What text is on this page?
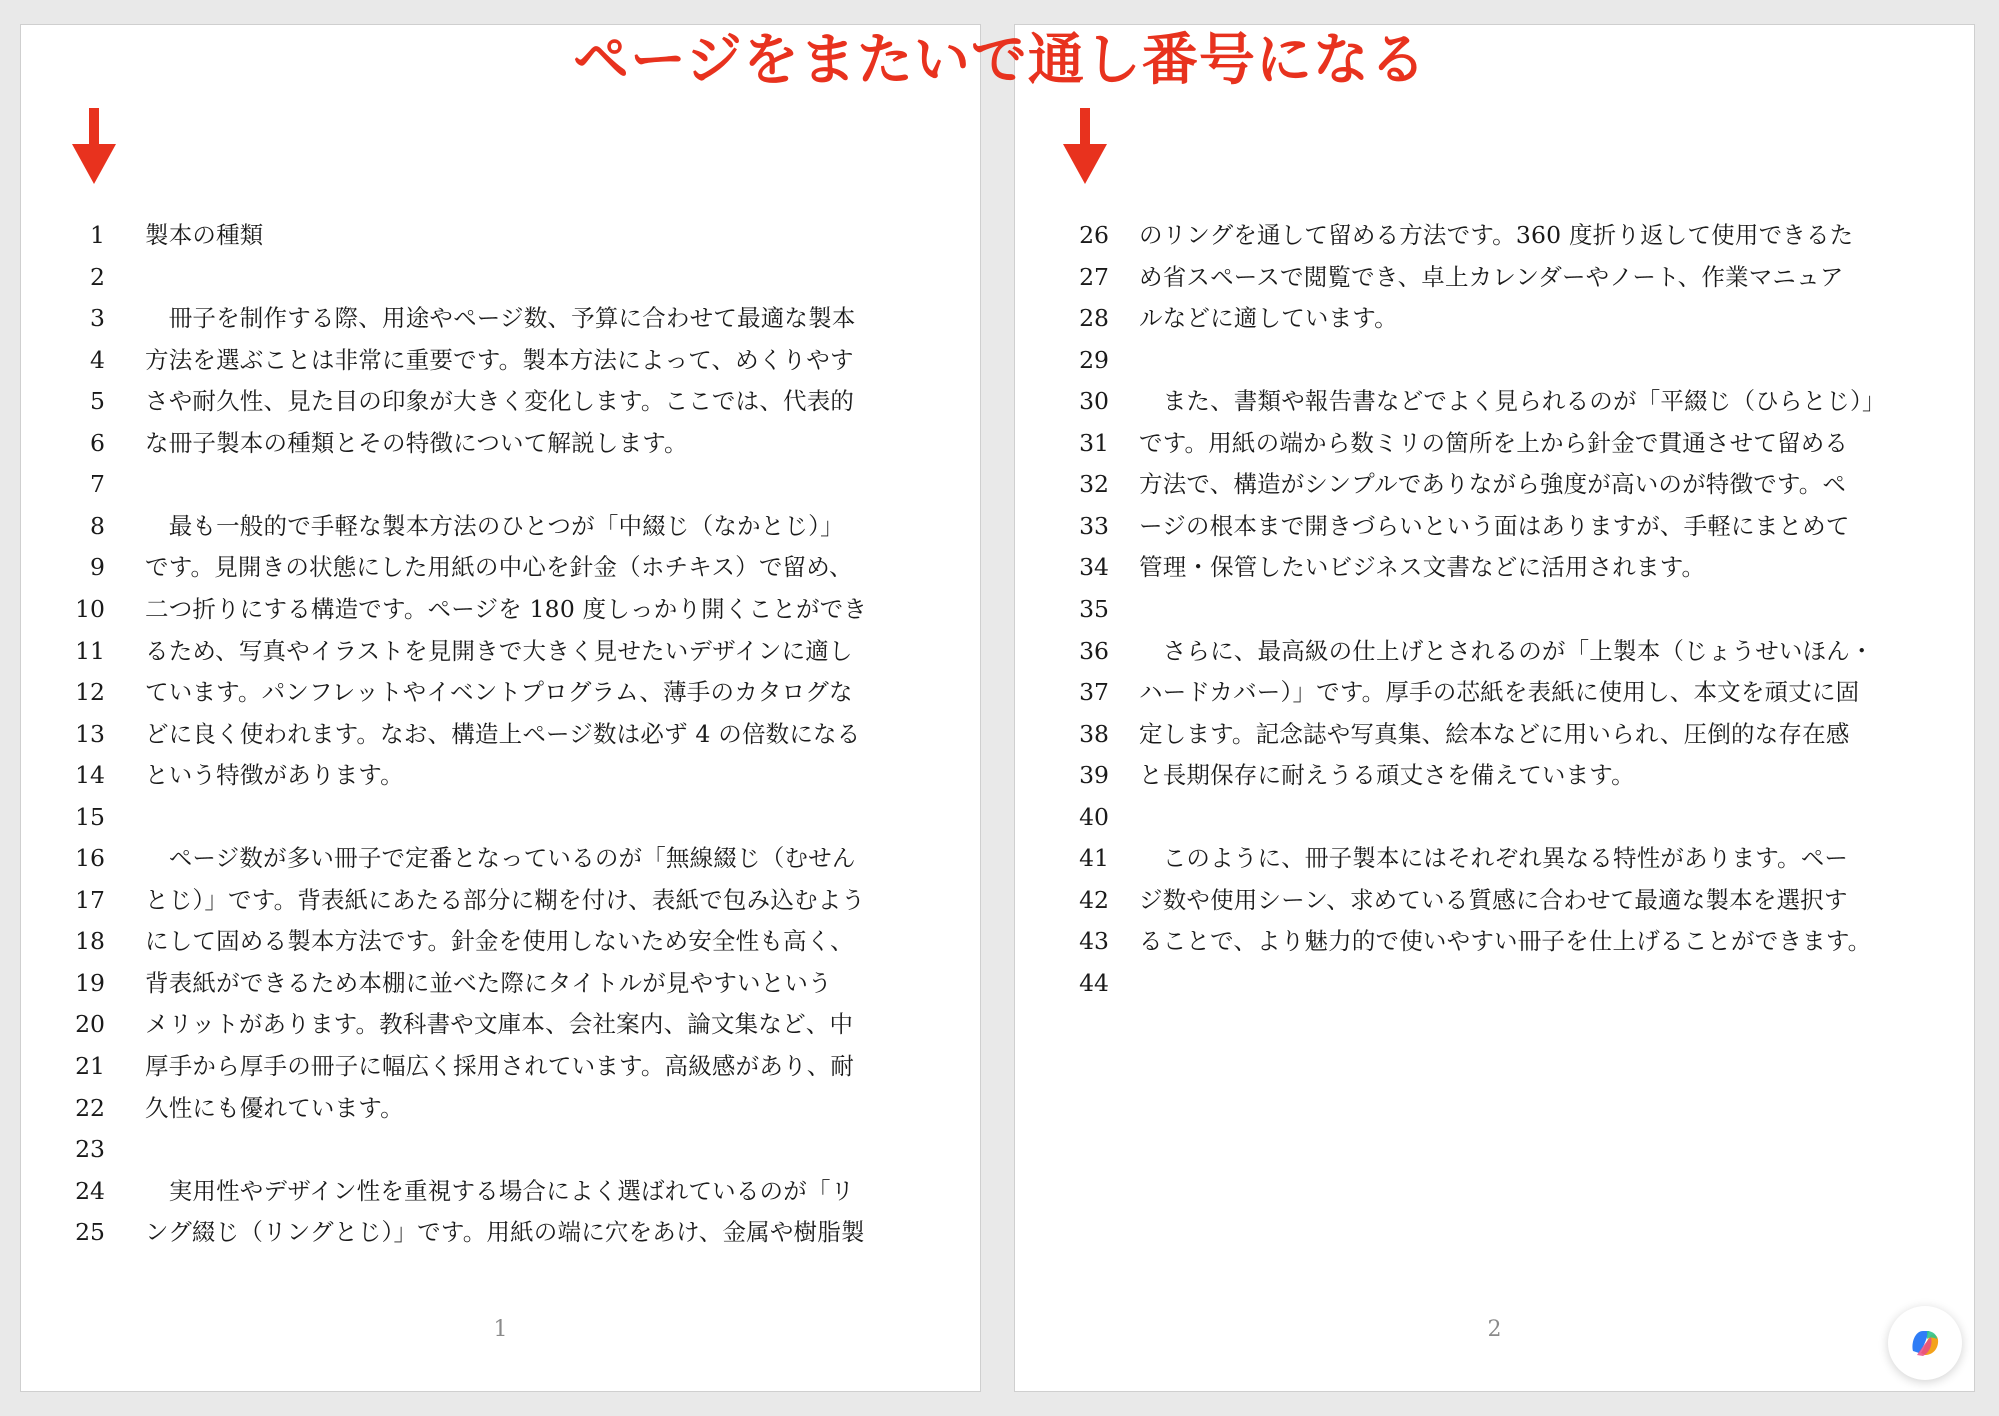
1 製本の種類
2
3 　冊子を制作する際、用途やページ数、予算に合わせて最適な製本
4 方法を選ぶことは非常に重要です。製本方法によって、めくりやす
5 さや耐久性、見た目の印象が大きく変化します。ここでは、代表的
6 な冊子製本の種類とその特徴について解説します。
7
8 　最も一般的で手軽な製本方法のひとつが「中綴じ（なかとじ）」
9 です。見開きの状態にした用紙の中心を針金（ホチキス）で留め、
10 二つ折りにする構造です。ページを 180 度しっかり開くことができ
11 るため、写真やイラストを見開きで大きく見せたいデザインに適し
12 ています。パンフレットやイベントプログラム、薄手のカタログな
13 どに良く使われます。なお、構造上ページ数は必ず 4 の倍数になる
14 という特徴があります。
15
16 　ページ数が多い冊子で定番となっているのが「無線綴じ（むせん
17 とじ）」です。背表紙にあたる部分に糊を付け、表紙で包み込むよう
18 にして固める製本方法です。針金を使用しないため安全性も高く、
19 背表紙ができるため本棚に並べた際にタイトルが見やすいという
20 メリットがあります。教科書や文庫本、会社案内、論文集など、中
21 厚手から厚手の冊子に幅広く採用されています。高級感があり、耐
22 久性にも優れています。
23
24 　実用性やデザイン性を重視する場合によく選ばれているのが「リ
25 ング綴じ（リングとじ）」です。用紙の端に穴をあけ、金属や樹脂製
1
26 のリングを通して留める方法です。360 度折り返して使用できるた
27 め省スペースで閲覧でき、卓上カレンダーやノート、作業マニュア
28 ルなどに適しています。
29
30 　また、書類や報告書などでよく見られるのが「平綴じ（ひらとじ）」
31 です。用紙の端から数ミリの箇所を上から針金で貫通させて留める
32 方法で、構造がシンプルでありながら強度が高いのが特徴です。ペ
33 ージの根本まで開きづらいという面はありますが、手軽にまとめて
34 管理・保管したいビジネス文書などに活用されます。
35
36 　さらに、最高級の仕上げとされるのが「上製本（じょうせいほん・
37 ハードカバー）」です。厚手の芯紙を表紙に使用し、本文を頑丈に固
38 定します。記念誌や写真集、絵本などに用いられ、圧倒的な存在感
39 と長期保存に耐えうる頑丈さを備えています。
40
41 　このように、冊子製本にはそれぞれ異なる特性があります。ペー
42 ジ数や使用シーン、求めている質感に合わせて最適な製本を選択す
43 ることで、より魅力的で使いやすい冊子を仕上げることができます。
44
2
ページをまたいで通し番号になる
